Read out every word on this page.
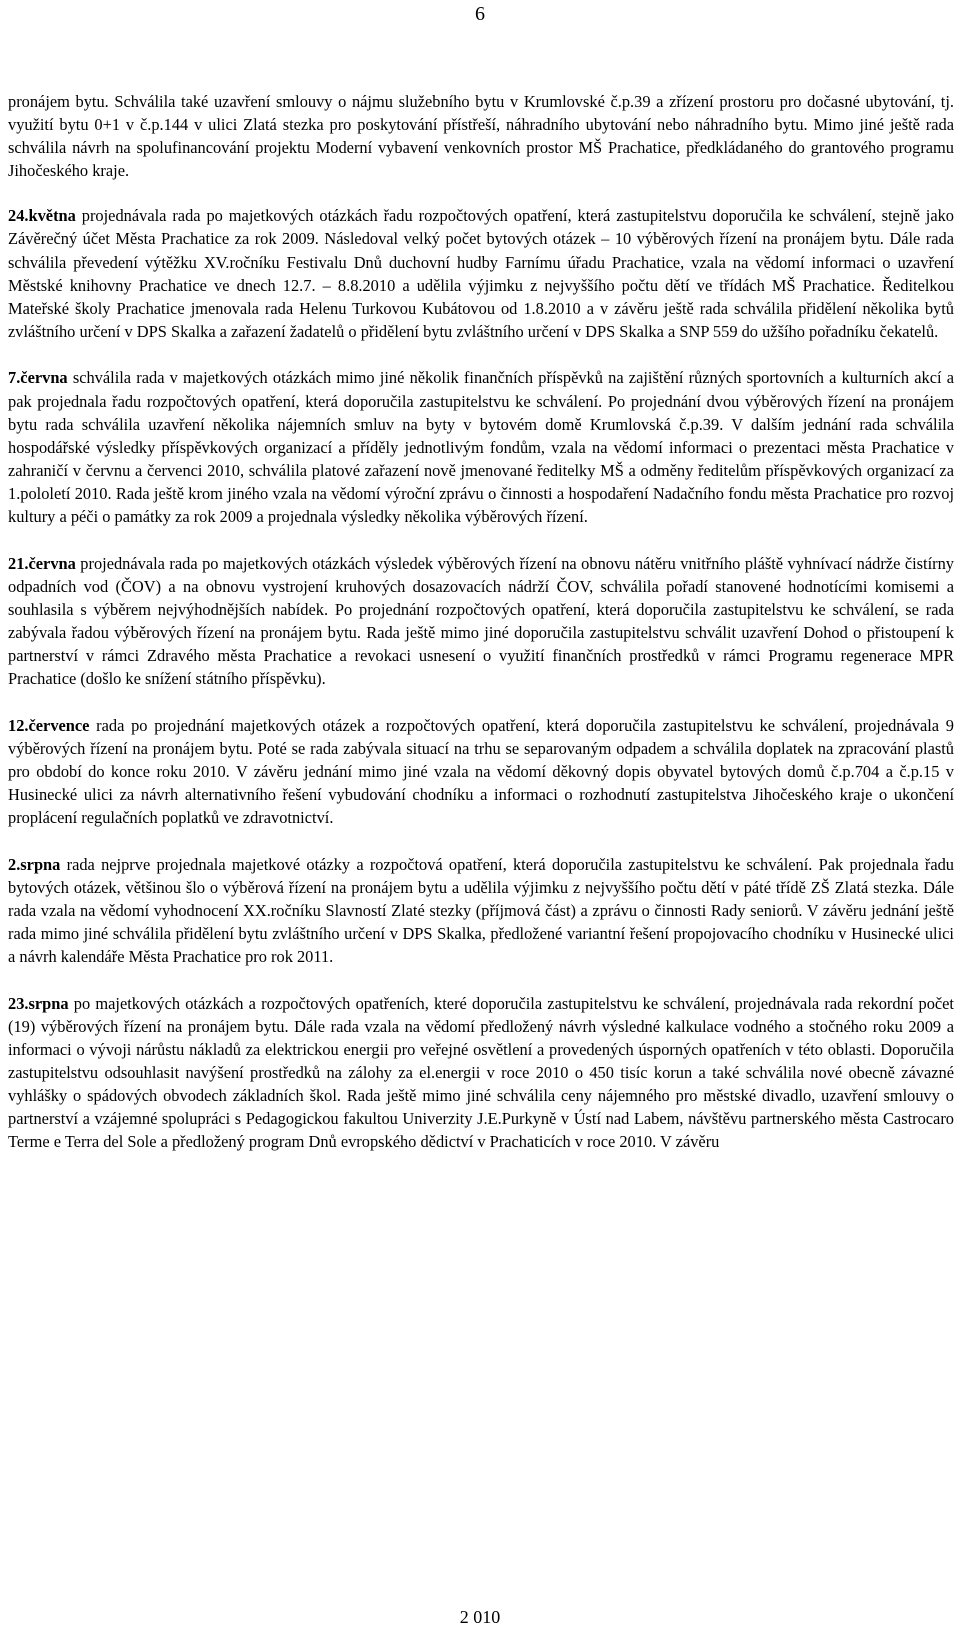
6

pronájem bytu. Schválila také uzavření smlouvy o nájmu služebního bytu v Krumlovské č.p.39 a zřízení prostoru pro dočasné ubytování, tj. využití bytu 0+1 v č.p.144 v ulici Zlatá stezka pro poskytování přístřeší, náhradního ubytování nebo náhradního bytu. Mimo jiné ještě rada schválila návrh na spolufinancování projektu Moderní vybavení venkovních prostor MŠ Prachatice, předkládaného do grantového programu Jihočeského kraje.

24.května projednávala rada po majetkových otázkách řadu rozpočtových opatření, která zastupitelstvu doporučila ke schválení, stejně jako Závěrečný účet Města Prachatice za rok 2009. Následoval velký počet bytových otázek – 10 výběrových řízení na pronájem bytu. Dále rada schválila převedení výtěžku XV.ročníku Festivalu Dnů duchovní hudby Farnímu úřadu Prachatice, vzala na vědomí informaci o uzavření Městské knihovny Prachatice ve dnech 12.7. – 8.8.2010 a udělila výjimku z nejvyššího počtu dětí ve třídách MŠ Prachatice. Ředitelkou Mateřské školy Prachatice jmenovala rada Helenu Turkovou Kubátovou od 1.8.2010 a v závěru ještě rada schválila přidělení několika bytů zvláštního určení v DPS Skalka a zařazení žadatelů o přidělení bytu zvláštního určení v DPS Skalka a SNP 559 do užšího pořadníku čekatelů.

7.června schválila rada v majetkových otázkách mimo jiné několik finančních příspěvků na zajištění různých sportovních a kulturních akcí a pak projednala řadu rozpočtových opatření, která doporučila zastupitelstvu ke schválení. Po projednání dvou výběrových řízení na pronájem bytu rada schválila uzavření několika nájemních smluv na byty v bytovém domě Krumlovská č.p.39. V dalším jednání rada schválila hospodářské výsledky příspěvkových organizací a příděly jednotlivým fondům, vzala na vědomí informaci o prezentaci města Prachatice v zahraničí v červnu a červenci 2010, schválila platové zařazení nově jmenované ředitelky MŠ a odměny ředitelům příspěvkových organizací za 1.pololetí 2010. Rada ještě krom jiného vzala na vědomí výroční zprávu o činnosti a hospodaření Nadačního fondu města Prachatice pro rozvoj kultury a péči o památky za rok 2009 a projednala výsledky několika výběrových řízení.

21.června projednávala rada po majetkových otázkách výsledek výběrových řízení na obnovu nátěru vnitřního pláště vyhnívací nádrže čistírny odpadních vod (ČOV) a na obnovu vystrojení kruhových dosazovacích nádrží ČOV, schválila pořadí stanovené hodnotícími komisemi a souhlasila s výběrem nejvýhodnějších nabídek. Po projednání rozpočtových opatření, která doporučila zastupitelstvu ke schválení, se rada zabývala řadou výběrových řízení na pronájem bytu. Rada ještě mimo jiné doporučila zastupitelstvu schválit uzavření Dohod o přistoupení k partnerství v rámci Zdravého města Prachatice a revokaci usnesení o využití finančních prostředků v rámci Programu regenerace MPR Prachatice (došlo ke snížení státního příspěvku).

12.července rada po projednání majetkových otázek a rozpočtových opatření, která doporučila zastupitelstvu ke schválení, projednávala 9 výběrových řízení na pronájem bytu. Poté se rada zabývala situací na trhu se separovaným odpadem a schválila doplatek na zpracování plastů pro období do konce roku 2010. V závěru jednání mimo jiné vzala na vědomí děkovný dopis obyvatel bytových domů č.p.704 a č.p.15 v Husinecké ulici za návrh alternativního řešení vybudování chodníku a informaci o rozhodnutí zastupitelstva Jihočeského kraje o ukončení proplácení regulačních poplatků ve zdravotnictví.

2.srpna rada nejprve projednala majetkové otázky a rozpočtová opatření, která doporučila zastupitelstvu ke schválení. Pak projednala řadu bytových otázek, většinou šlo o výběrová řízení na pronájem bytu a udělila výjimku z nejvyššího počtu dětí v páté třídě ZŠ Zlatá stezka. Dále rada vzala na vědomí vyhodnocení XX.ročníku Slavností Zlaté stezky (příjmová část) a zprávu o činnosti Rady seniorů. V závěru jednání ještě rada mimo jiné schválila přidělení bytu zvláštního určení v DPS Skalka, předložené variantní řešení propojovacího chodníku v Husinecké ulici a návrh kalendáře Města Prachatice pro rok 2011.

23.srpna po majetkových otázkách a rozpočtových opatřeních, které doporučila zastupitelstvu ke schválení, projednávala rada rekordní počet (19) výběrových řízení na pronájem bytu. Dále rada vzala na vědomí předložený návrh výsledné kalkulace vodného a stočného roku 2009 a informaci o vývoji nárůstu nákladů za elektrickou energii pro veřejné osvětlení a provedených úsporných opatřeních v této oblasti. Doporučila zastupitelstvu odsouhlasit navýšení prostředků na zálohy za el.energii v roce 2010 o 450 tisíc korun a také schválila nové obecně závazné vyhlášky o spádových obvodech základních škol. Rada ještě mimo jiné schválila ceny nájemného pro městské divadlo, uzavření smlouvy o partnerství a vzájemné spolupráci s Pedagogickou fakultou Univerzity J.E.Purkyně v Ústí nad Labem, návštěvu partnerského města Castrocaro Terme e Terra del Sole a předložený program Dnů evropského dědictví v Prachaticích v roce 2010. V závěru

2 010
